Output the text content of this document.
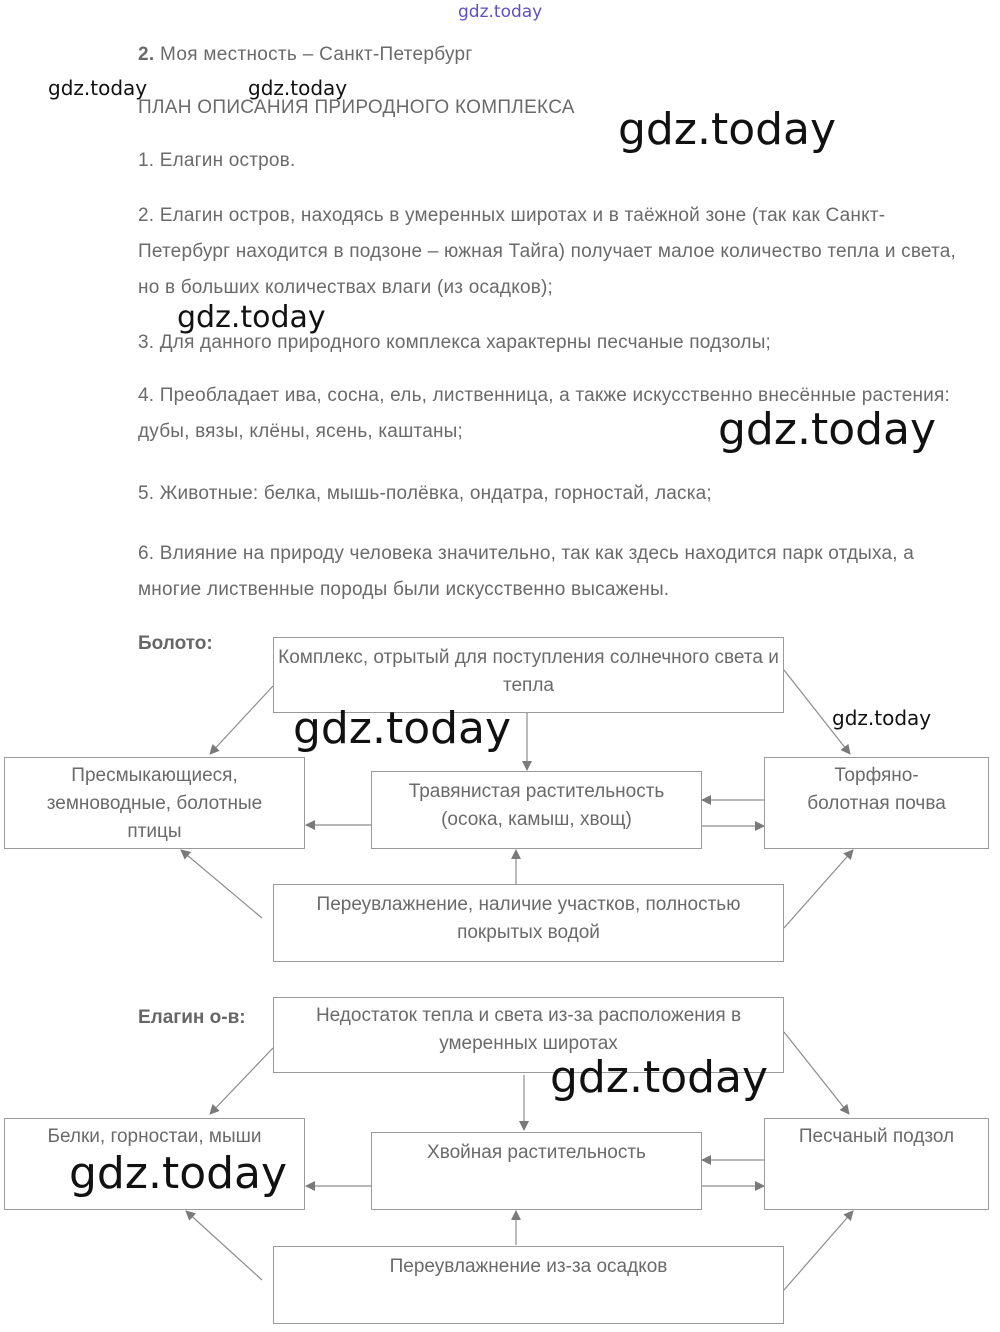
gdz.today
2. Моя местность – Санкт-Петербург
gdz.today	gdz.today
ПЛАН ОПИСАНИЯ ПРИРОДНОГО КОМПЛЕКСА gdz.today
1. Елагин остров.
2. Елагин остров, находясь в умеренных широтах и в таёжной зоне (так как Санкт-Петербург находится в подзоне – южная Тайга) получает малое количество тепла и света, но в больших количествах влаги (из осадков);
gdz.today
3. Для данного природного комплекса характерны песчаные подзолы;
4. Преобладает ива, сосна, ель, лиственница, а также искусственно внесённые растения: дубы, вязы, клёны, ясень, каштаны;	gdz.today
5. Животные: белка, мышь-полёвка, ондатра, горностай, ласка;
6. Влияние на природу человека значительно, так как здесь находится парк отдыха, а многие лиственные породы были искусственно высажены.
Болото:
Комплекс, отрытый для поступления солнечного света и тепла
Пресмыкающиеся, земноводные, болотные птицы
Травянистая растительность (осока, камыш, хвощ)
Торфяно-болотная почва
Переувлажнение, наличие участков, полностью покрытых водой
gdz.today	gdz.today
Елагин о-в:	Недостаток тепла и света из-за расположения в умеренных широтах
Белки, горностаи, мыши
Хвойная растительность
Песчаный подзол
Переувлажнение из-за осадков
gdz.today
gdz.today
